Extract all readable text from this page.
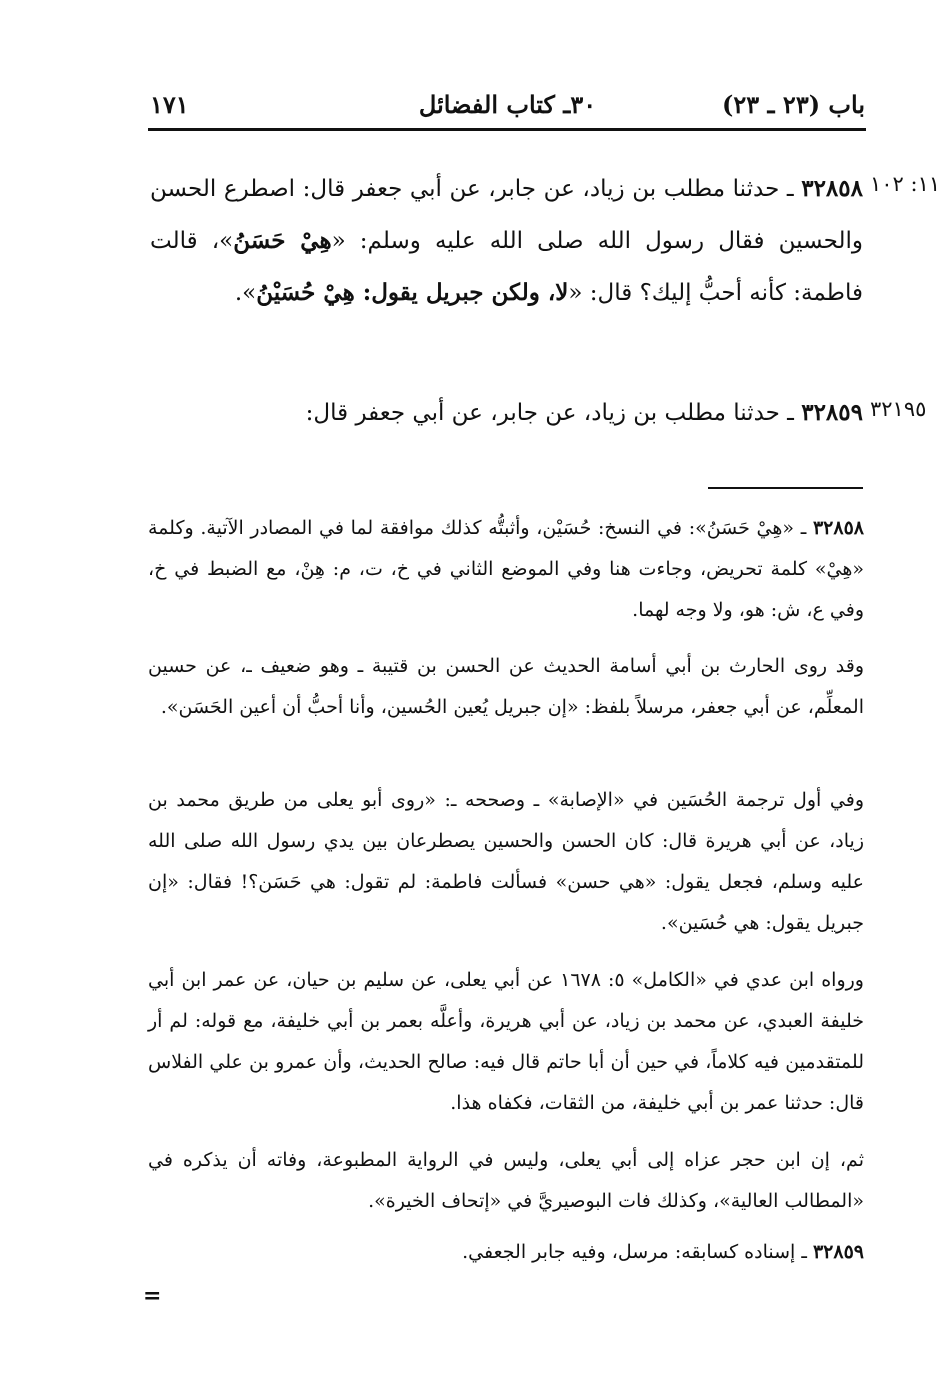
باب (٢٣ ـ ٢٣)
٣٠ـ كتاب الفضائل
١٧١
١١: ١٠٢
٣٢٨٥٨ ـ حدثنا مطلب بن زياد، عن جابر، عن أبي جعفر قال: اصطرع الحسن والحسين فقال رسول الله صلى الله عليه وسلم: «هِيْ حَسَنُ»، قالت فاطمة: كأنه أحبُّ إليك؟ قال: «لا، ولكن جبريل يقول: هِيْ حُسَيْنُ».
٣٢١٩٥
٣٢٨٥٩ ـ حدثنا مطلب بن زياد، عن جابر، عن أبي جعفر قال:
٣٢٨٥٨ ـ «هِيْ حَسَنُ»: في النسخ: حُسَيْن، وأثبتُّه كذلك موافقة لما في المصادر الآتية. وكلمة «هِيْ» كلمة تحريض، وجاءت هنا وفي الموضع الثاني في خ، ت، م: هِنْ، مع الضبط في خ، وفي ع، ش: هو، ولا وجه لهما.
وقد روى الحارث بن أبي أسامة الحديث عن الحسن بن قتيبة ـ وهو ضعيف ـ، عن حسين المعلِّم، عن أبي جعفر، مرسلاً بلفظ: «إن جبريل يُعين الحُسين، وأنا أحبُّ أن أعين الحَسَن».
وفي أول ترجمة الحُسَين في «الإصابة» ـ وصححه ـ: «روى أبو يعلى من طريق محمد بن زياد، عن أبي هريرة قال: كان الحسن والحسين يصطرعان بين يدي رسول الله صلى الله عليه وسلم، فجعل يقول: «هي حسن» فسألت فاطمة: لم تقول: هي حَسَن؟! فقال: «إن جبريل يقول: هي حُسَين».
ورواه ابن عدي في «الكامل» ٥: ١٦٧٨ عن أبي يعلى، عن سليم بن حيان، عن عمر ابن أبي خليفة العبدي، عن محمد بن زياد، عن أبي هريرة، وأعلَّه بعمر بن أبي خليفة، مع قوله: لم أر للمتقدمين فيه كلاماً، في حين أن أبا حاتم قال فيه: صالح الحديث، وأن عمرو بن علي الفلاس قال: حدثنا عمر بن أبي خليفة، من الثقات، فكفاه هذا.
ثم، إن ابن حجر عزاه إلى أبي يعلى، وليس في الرواية المطبوعة، وفاته أن يذكره في «المطالب العالية»، وكذلك فات البوصيريَّ في «إتحاف الخيرة».
٣٢٨٥٩ ـ إسناده كسابقه: مرسل، وفيه جابر الجعفي.
=
